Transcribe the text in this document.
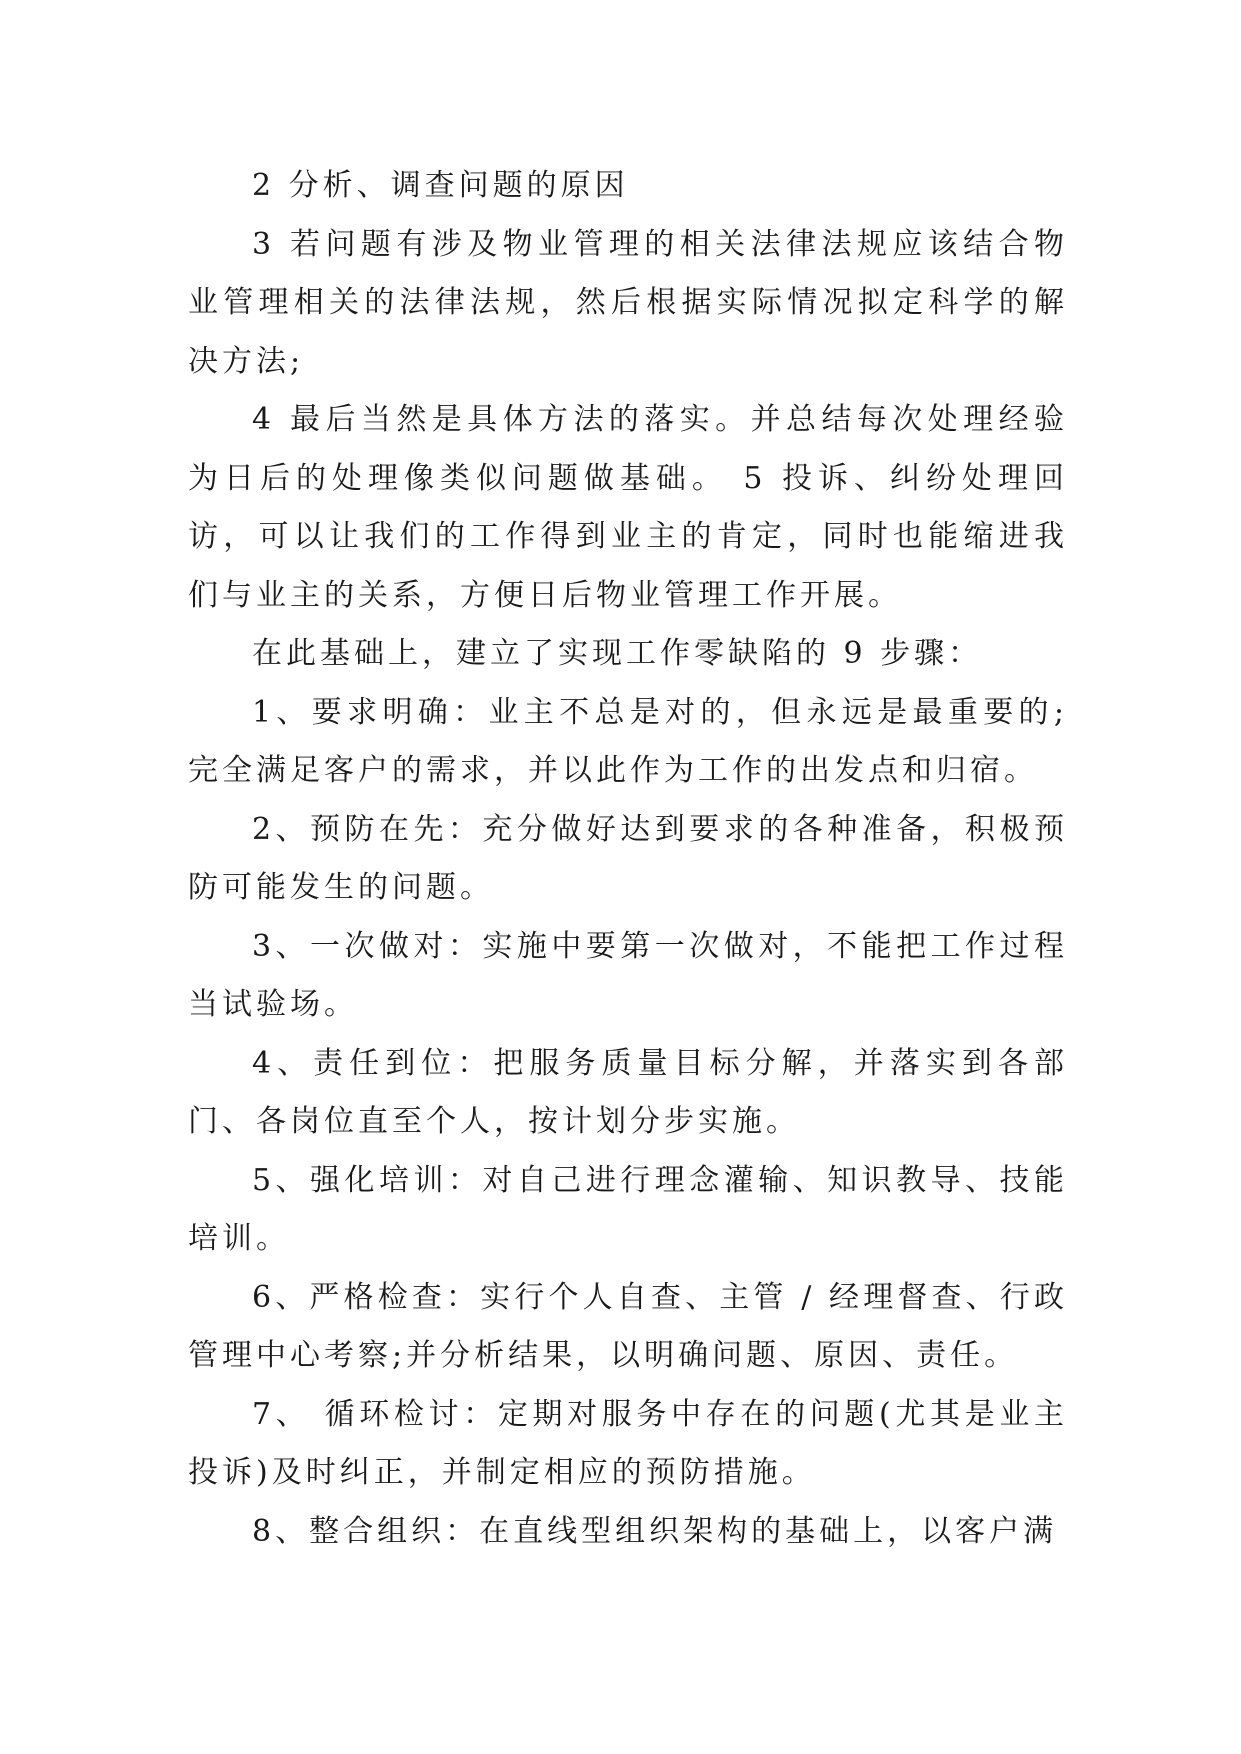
2 分析、调查问题的原因

3 若问题有涉及物业管理的相关法律法规应该结合物业管理相关的法律法规，然后根据实际情况拟定科学的解决方法;

4 最后当然是具体方法的落实。并总结每次处理经验为日后的处理像类似问题做基础。 5 投诉、纠纷处理回访，可以让我们的工作得到业主的肯定，同时也能缩进我们与业主的关系，方便日后物业管理工作开展。

在此基础上，建立了实现工作零缺陷的 9 步骤：

1、要求明确：业主不总是对的，但永远是最重要的;完全满足客户的需求，并以此作为工作的出发点和归宿。

2、预防在先：充分做好达到要求的各种准备，积极预防可能发生的问题。

3、一次做对：实施中要第一次做对，不能把工作过程当试验场。

4、责任到位：把服务质量目标分解，并落实到各部门、各岗位直至个人，按计划分步实施。

5、强化培训：对自己进行理念灌输、知识教导、技能培训。

6、严格检查：实行个人自查、主管 / 经理督查、行政管理中心考察;并分析结果，以明确问题、原因、责任。

7、 循环检讨：定期对服务中存在的问题(尤其是业主投诉)及时纠正，并制定相应的预防措施。

8、整合组织：在直线型组织架构的基础上，以客户满
